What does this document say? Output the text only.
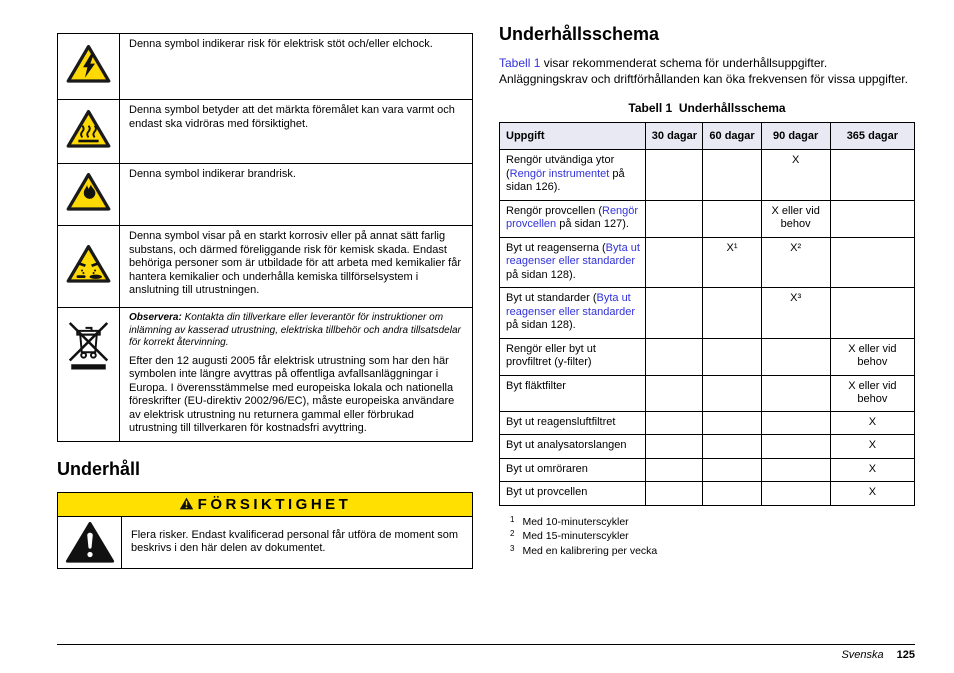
Denna symbol indikerar risk för elektrisk stöt och/eller elchock.

Denna symbol betyder att det märkta föremålet kan vara varmt och endast ska vidröras med försiktighet.

Denna symbol indikerar brandrisk.

Denna symbol visar på en starkt korrosiv eller på annat sätt farlig substans, och därmed föreliggande risk för kemisk skada. Endast behöriga personer som är utbildade för att arbeta med kemikalier får hantera kemikalier och underhålla kemiska tillförselsystem i anslutning till utrustningen.

Observera: Kontakta din tillverkare eller leverantör för instruktioner om inlämning av kasserad utrustning, elektriska tillbehör och andra tillsatsdelar för korrekt återvinning.

Efter den 12 augusti 2005 får elektrisk utrustning som har den här symbolen inte längre avyttras på offentliga avfallsanläggningar i Europa. I överensstämmelse med europeiska lokala och nationella föreskrifter (EU-direktiv 2002/96/EC), måste europeiska användare av elektrisk utrustning nu returnera gammal eller förbrukad utrustning till tillverkaren för kostnadsfri avyttring.

Underhåll
FÖRSIKTIGHET
Flera risker. Endast kvalificerad personal får utföra de moment som beskrivs i den här delen av dokumentet.
Underhållsschema

Tabell 1 visar rekommenderat schema för underhållsuppgifter. Anläggningskrav och driftförhållanden kan öka frekvensen för vissa uppgifter.

Tabell 1  Underhållsschema
Uppgift	30 dagar	60 dagar	90 dagar	365 dagar
Rengör utvändiga ytor (Rengör instrumentet på sidan 126).			X	
Rengör provcellen (Rengör provcellen på sidan 127).			X eller vid behov	
Byt ut reagenserna (Byta ut reagenser eller standarder på sidan 128).		X¹	X²	
Byt ut standarder (Byta ut reagenser eller standarder på sidan 128).			X³	
Rengör eller byt ut provfiltret (y-filter)				X eller vid behov
Byt fläktfilter				X eller vid behov
Byt ut reagensluftfiltret				X
Byt ut analysatorslangen				X
Byt ut omröraren				X
Byt ut provcellen				X
1 Med 10-minuterscykler
2 Med 15-minuterscykler
3 Med en kalibrering per vecka
Svenska 125
